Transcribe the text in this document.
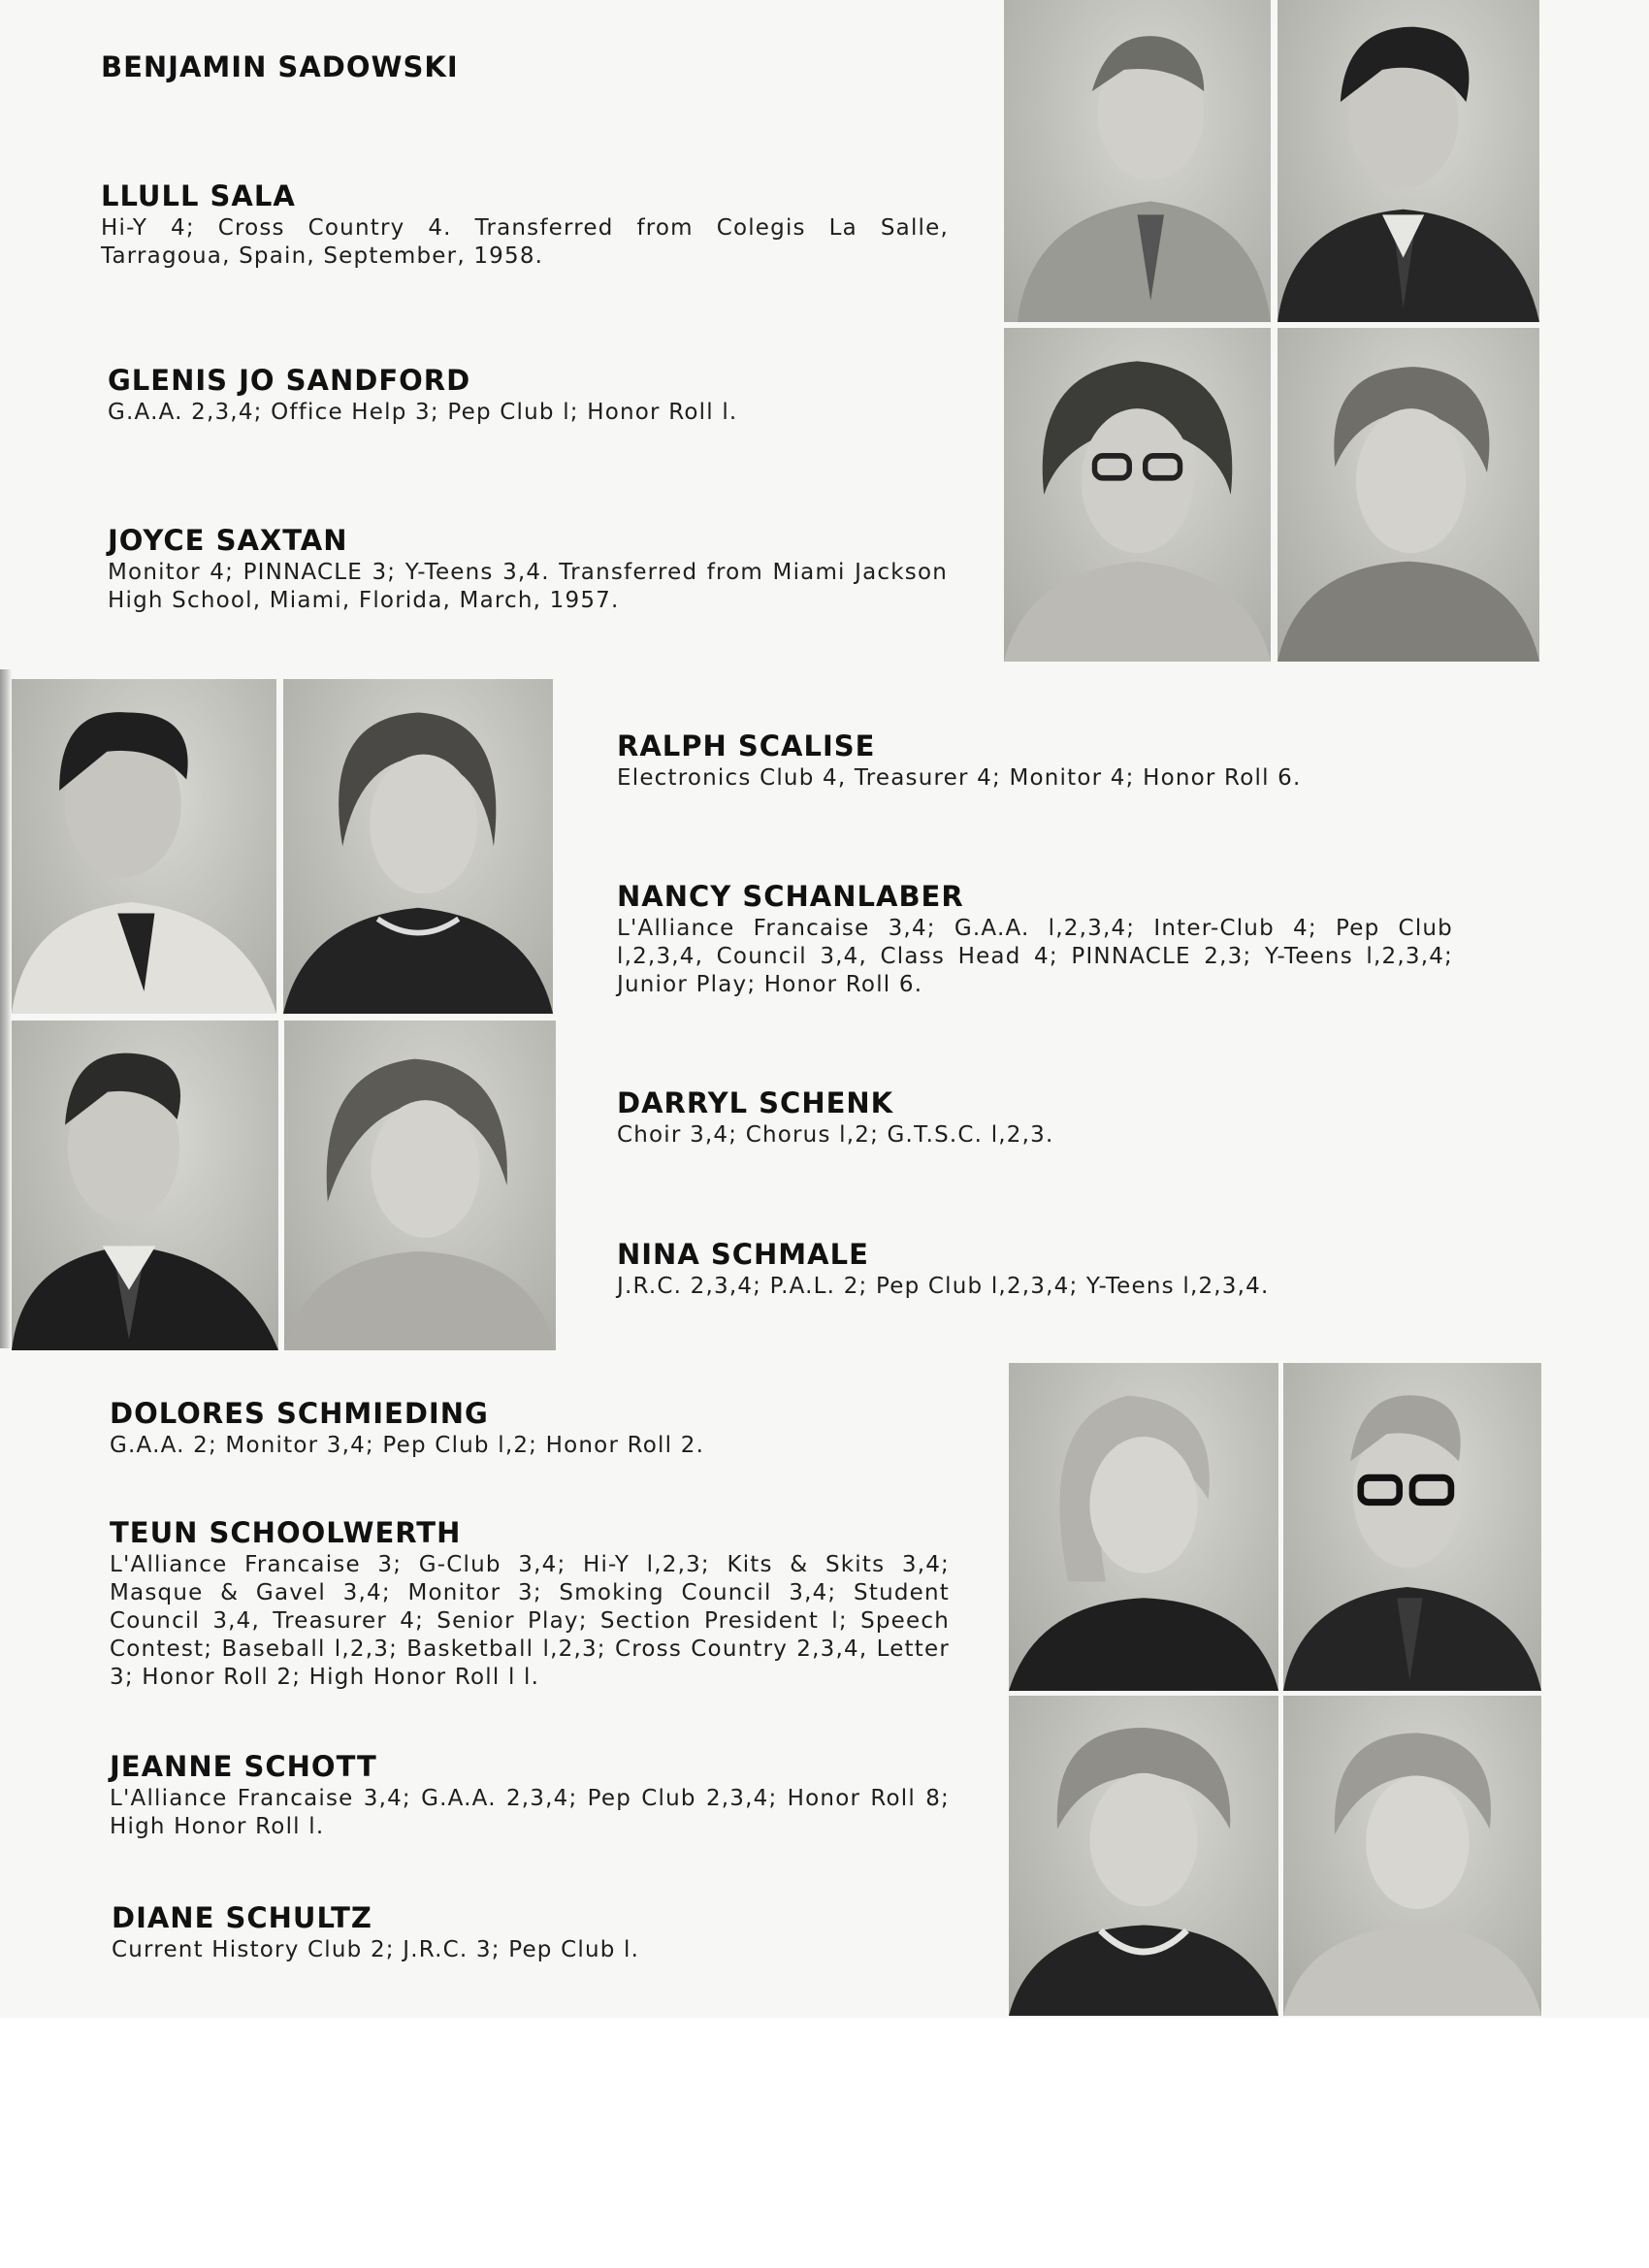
BENJAMIN SADOWSKI

LLULL SALA

Hi-Y 4; Cross Country 4. Transferred from Colegis La Salle, Tarragoua, Spain, September, 1958.

GLENIS JO SANDFORD

G.A.A. 2,3,4; Office Help 3; Pep Club l; Honor Roll l.

JOYCE SAXTAN

Monitor 4; PINNACLE 3; Y-Teens 3,4. Transferred from Miami Jackson High School, Miami, Florida, March, 1957.

RALPH SCALISE

Electronics Club 4, Treasurer 4; Monitor 4; Honor Roll 6.

NANCY SCHANLABER

L'Alliance Francaise 3,4; G.A.A. l,2,3,4; Inter-Club 4; Pep Club l,2,3,4, Council 3,4, Class Head 4; PINNACLE 2,3; Y-Teens l,2,3,4; Junior Play; Honor Roll 6.

DARRYL SCHENK

Choir 3,4; Chorus l,2; G.T.S.C. l,2,3.

NINA SCHMALE

J.R.C. 2,3,4; P.A.L. 2; Pep Club l,2,3,4; Y-Teens l,2,3,4.

DOLORES SCHMIEDING

G.A.A. 2; Monitor 3,4; Pep Club l,2; Honor Roll 2.

TEUN SCHOOLWERTH

L'Alliance Francaise 3; G-Club 3,4; Hi-Y l,2,3; Kits & Skits 3,4; Masque & Gavel 3,4; Monitor 3; Smoking Council 3,4; Student Council 3,4, Treasurer 4; Senior Play; Section President l; Speech Contest; Baseball l,2,3; Basketball l,2,3; Cross Country 2,3,4, Letter 3; Honor Roll 2; High Honor Roll l l.

JEANNE SCHOTT

L'Alliance Francaise 3,4; G.A.A. 2,3,4; Pep Club 2,3,4; Honor Roll 8; High Honor Roll l.

DIANE SCHULTZ

Current History Club 2; J.R.C. 3; Pep Club l.
